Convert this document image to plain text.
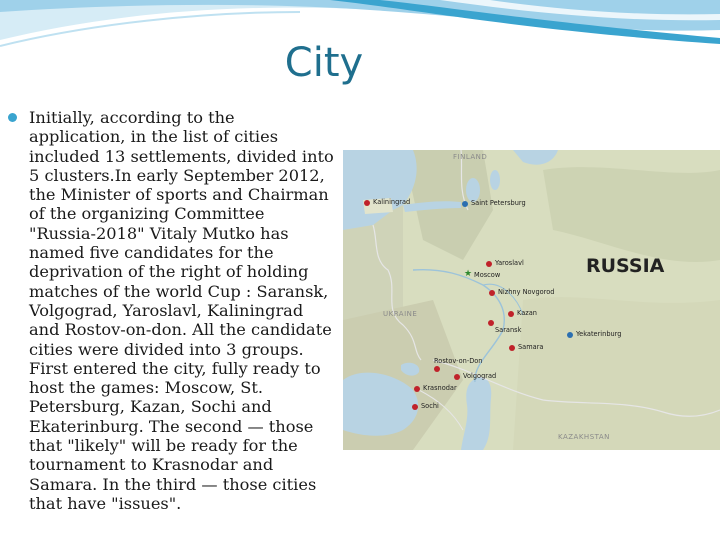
City
Initially, according to the application, in the list of cities included 13 settlements, divided into 5 clusters.In early September 2012, the Minister of sports and Chairman of the organizing Committee "Russia-2018" Vitaly Mutko has named five candidates for the deprivation of the right of holding matches of the world Cup : Saransk, Volgograd, Yaroslavl, Kaliningrad and Rostov-on-don. All the candidate cities were divided into 3 groups. First entered the city, fully ready to host the games: Moscow, St. Petersburg, Kazan, Sochi and Ekaterinburg. The second — those that "likely" will be ready for the tournament to Krasnodar and Samara. In the third — those cities that have "issues".
FINLAND
UKRAINE
KAZAKHSTAN
RUSSIA
Kaliningrad	Saint Petersburg
Yaroslavl
★ Moscow
Nizhny Novgorod
Kazan
Saransk
Samara
Yekaterinburg
Rostov-on-Don
Volgograd
Krasnodar
Sochi
